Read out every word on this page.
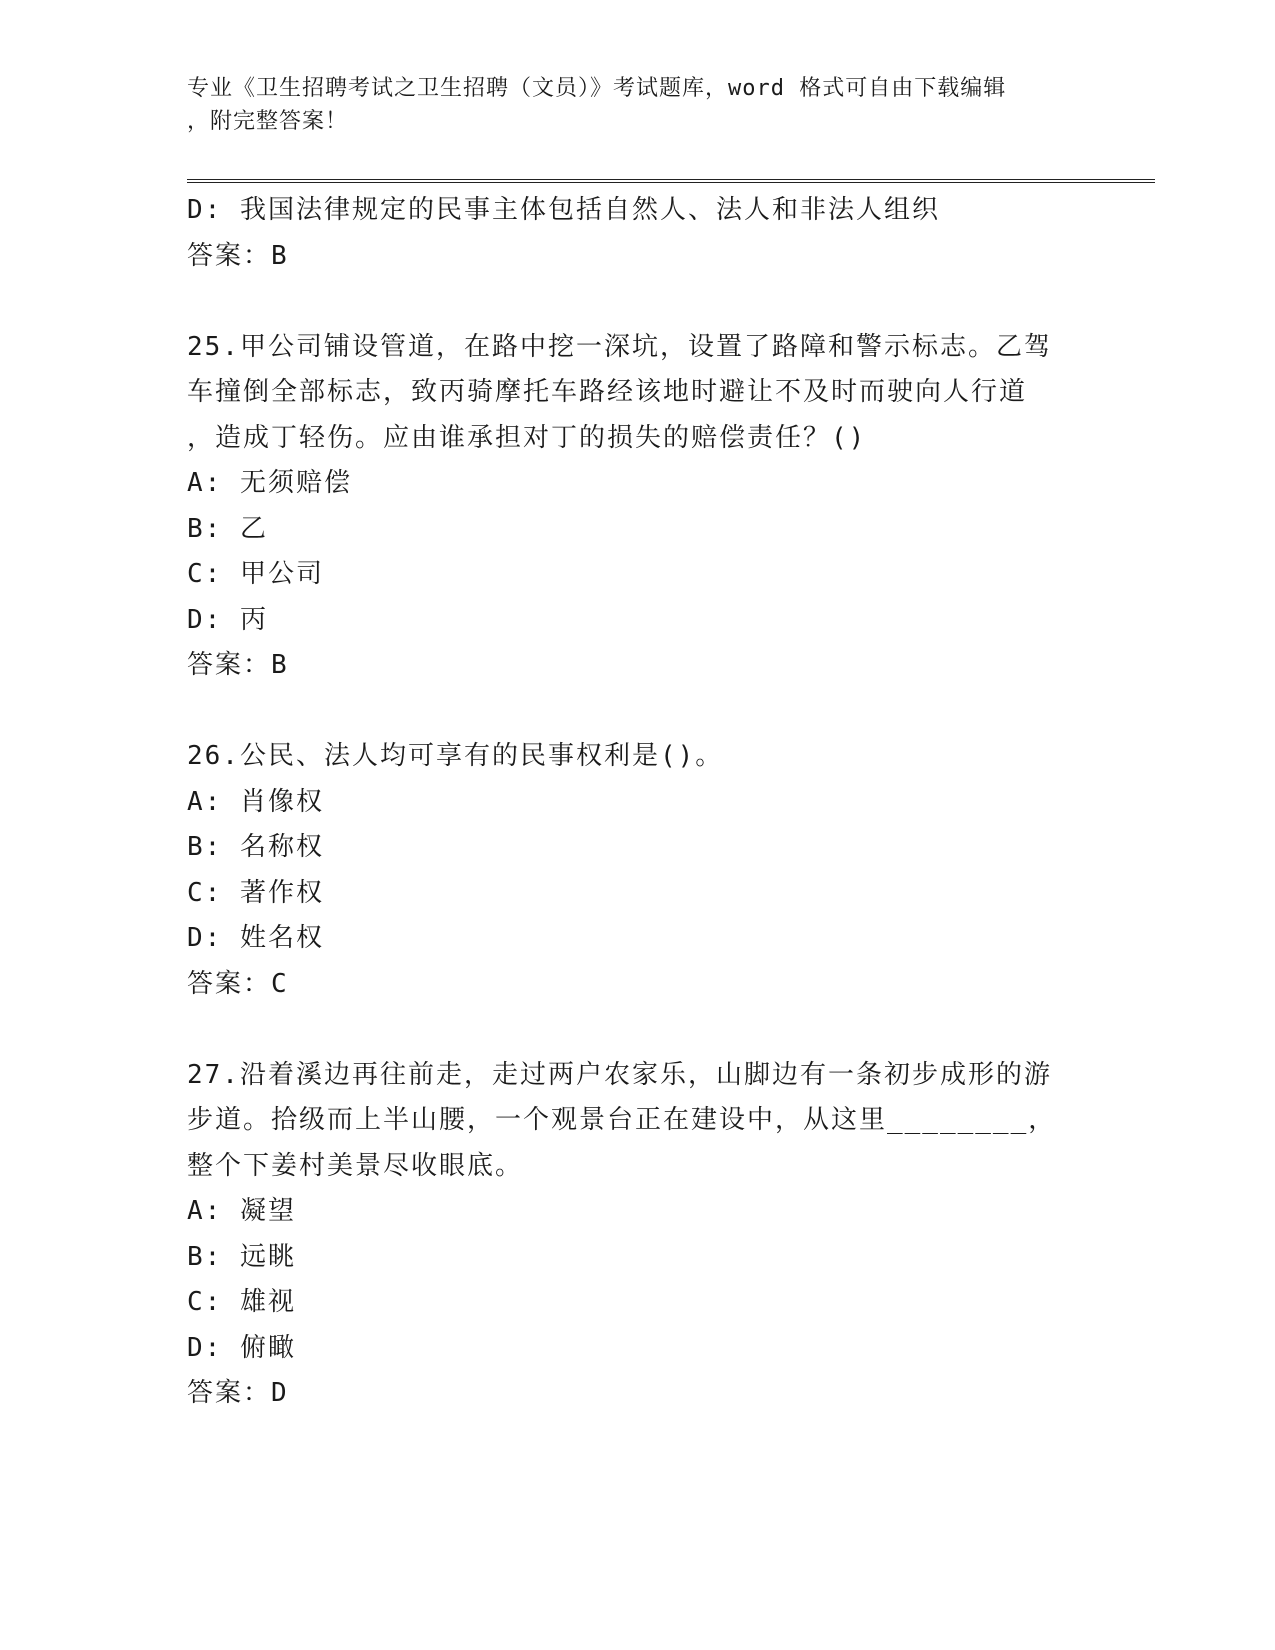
专业《卫生招聘考试之卫生招聘（文员）》考试题库，word 格式可自由下载编辑
，附完整答案！
D: 我国法律规定的民事主体包括自然人、法人和非法人组织
答案：B
25.甲公司铺设管道，在路中挖一深坑，设置了路障和警示标志。乙驾
车撞倒全部标志，致丙骑摩托车路经该地时避让不及时而驶向人行道
，造成丁轻伤。应由谁承担对丁的损失的赔偿责任？()
A: 无须赔偿
B: 乙
C: 甲公司
D: 丙
答案：B
26.公民、法人均可享有的民事权利是()。
A: 肖像权
B: 名称权
C: 著作权
D: 姓名权
答案：C
27.沿着溪边再往前走，走过两户农家乐，山脚边有一条初步成形的游
步道。拾级而上半山腰，一个观景台正在建设中，从这里________，
整个下姜村美景尽收眼底。
A: 凝望
B: 远眺
C: 雄视
D: 俯瞰
答案：D
